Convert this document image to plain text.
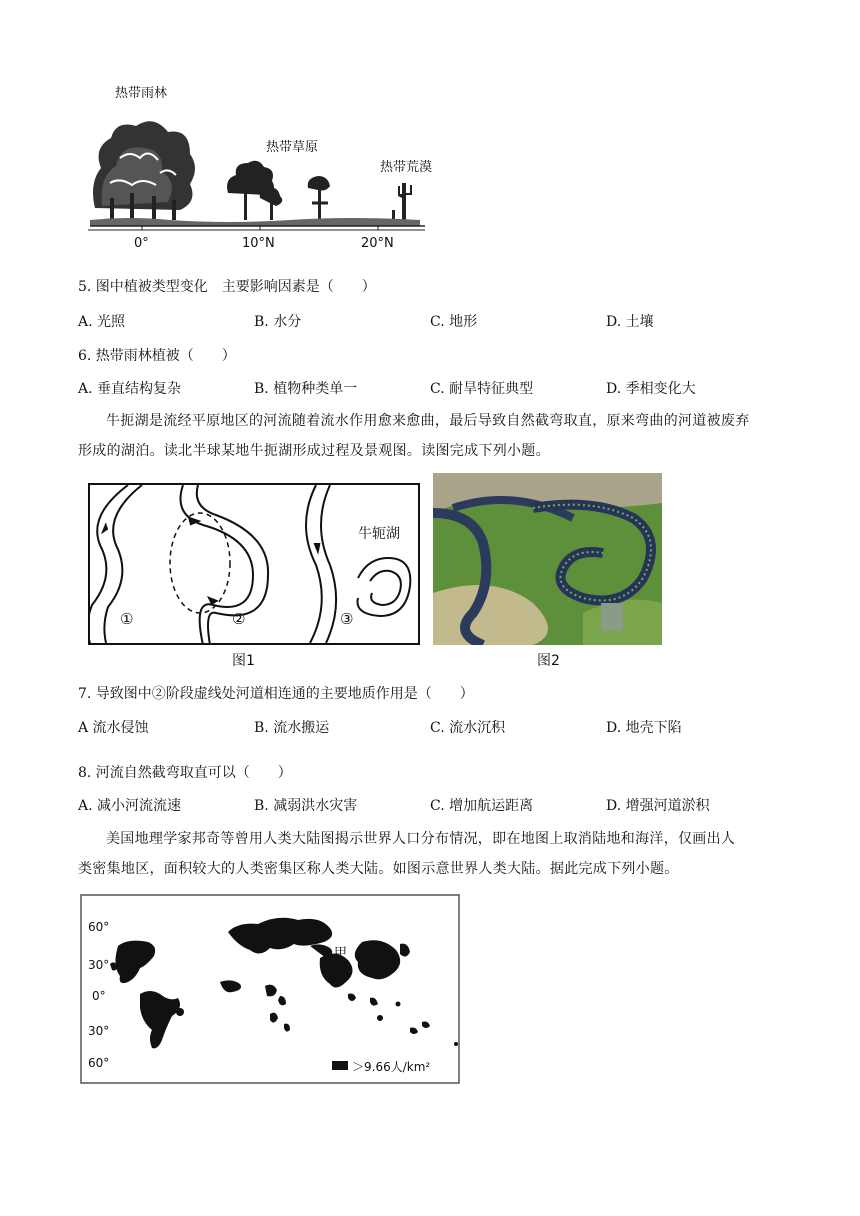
热带雨林
热带草原
热带荒漠
0°	10°N	20°N
5. 图中植被类型变化　主要影响因素是（　　）
A. 光照	B. 水分	C. 地形	D. 土壤
6. 热带雨林植被（　　）
A. 垂直结构复杂	B. 植物种类单一	C. 耐旱特征典型	D. 季相变化大
牛扼湖是流经平原地区的河流随着流水作用愈来愈曲，最后导致自然截弯取直，原来弯曲的河道被废弃
形成的湖泊。读北半球某地牛扼湖形成过程及景观图。读图完成下列小题。
牛轭湖
①	②	③
图1	图2
7. 导致图中②阶段虚线处河道相连通的主要地质作用是（　　）
A 流水侵蚀	B. 流水搬运	C. 流水沉积	D. 地壳下陷
8. 河流自然截弯取直可以（　　）
A. 减小河流流速	B. 减弱洪水灾害	C. 增加航运距离	D. 增强河道淤积
美国地理学家邦奇等曾用人类大陆图揭示世界人口分布情况，即在地图上取消陆地和海洋，仅画出人
类密集地区，面积较大的人类密集区称人类大陆。如图示意世界人类大陆。据此完成下列小题。
60°
30°
0°
30°
60°
甲
＞9.66人/km²
